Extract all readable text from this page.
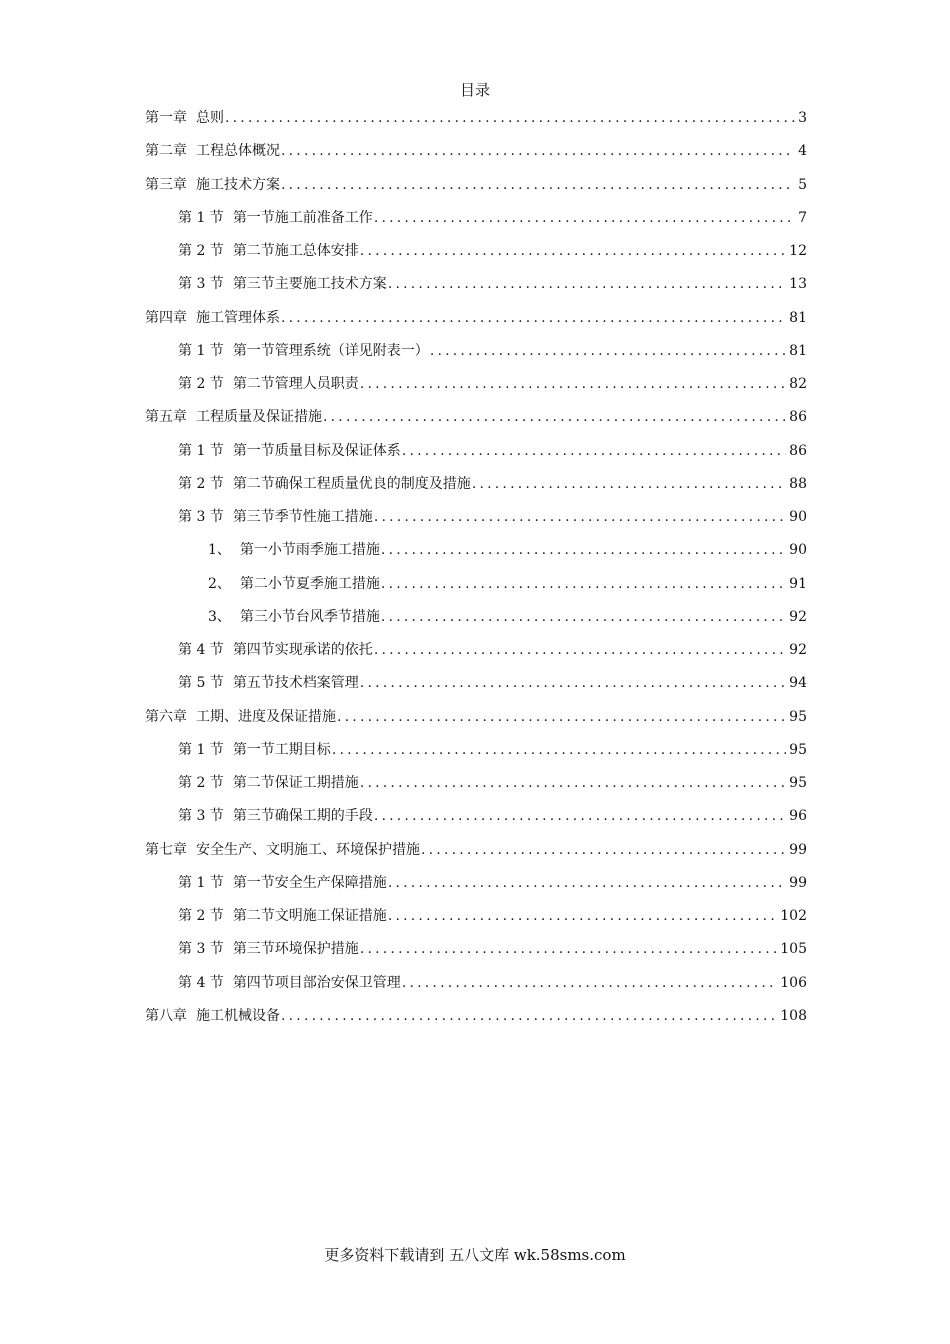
目录
第一章 总则 .....	3
第二章 工程总体概况 .....	4
第三章 施工技术方案 .....	5
第 1 节 第一节施工前准备工作 .....	7
第 2 节 第二节施工总体安排 .....	12
第 3 节 第三节主要施工技术方案 .....	13
第四章 施工管理体系 .....	81
第 1 节 第一节管理系统（详见附表一） .....	81
第 2 节 第二节管理人员职责 .....	82
第五章 工程质量及保证措施 .....	86
第 1 节 第一节质量目标及保证体系 .....	86
第 2 节 第二节确保工程质量优良的制度及措施 .....	88
第 3 节 第三节季节性施工措施 .....	90
1、 第一小节雨季施工措施 .....	90
2、 第二小节夏季施工措施 .....	91
3、 第三小节台风季节措施 .....	92
第 4 节 第四节实现承诺的依托 .....	92
第 5 节 第五节技术档案管理 .....	94
第六章 工期、进度及保证措施 .....	95
第 1 节 第一节工期目标 .....	95
第 2 节 第二节保证工期措施 .....	95
第 3 节 第三节确保工期的手段 .....	96
第七章 安全生产、文明施工、环境保护措施 .....	99
第 1 节 第一节安全生产保障措施 .....	99
第 2 节 第二节文明施工保证措施 .....	102
第 3 节 第三节环境保护措施 .....	105
第 4 节 第四节项目部治安保卫管理 .....	106
第八章 施工机械设备 .....	108
更多资料下载请到 五八文库 wk.58sms.com
